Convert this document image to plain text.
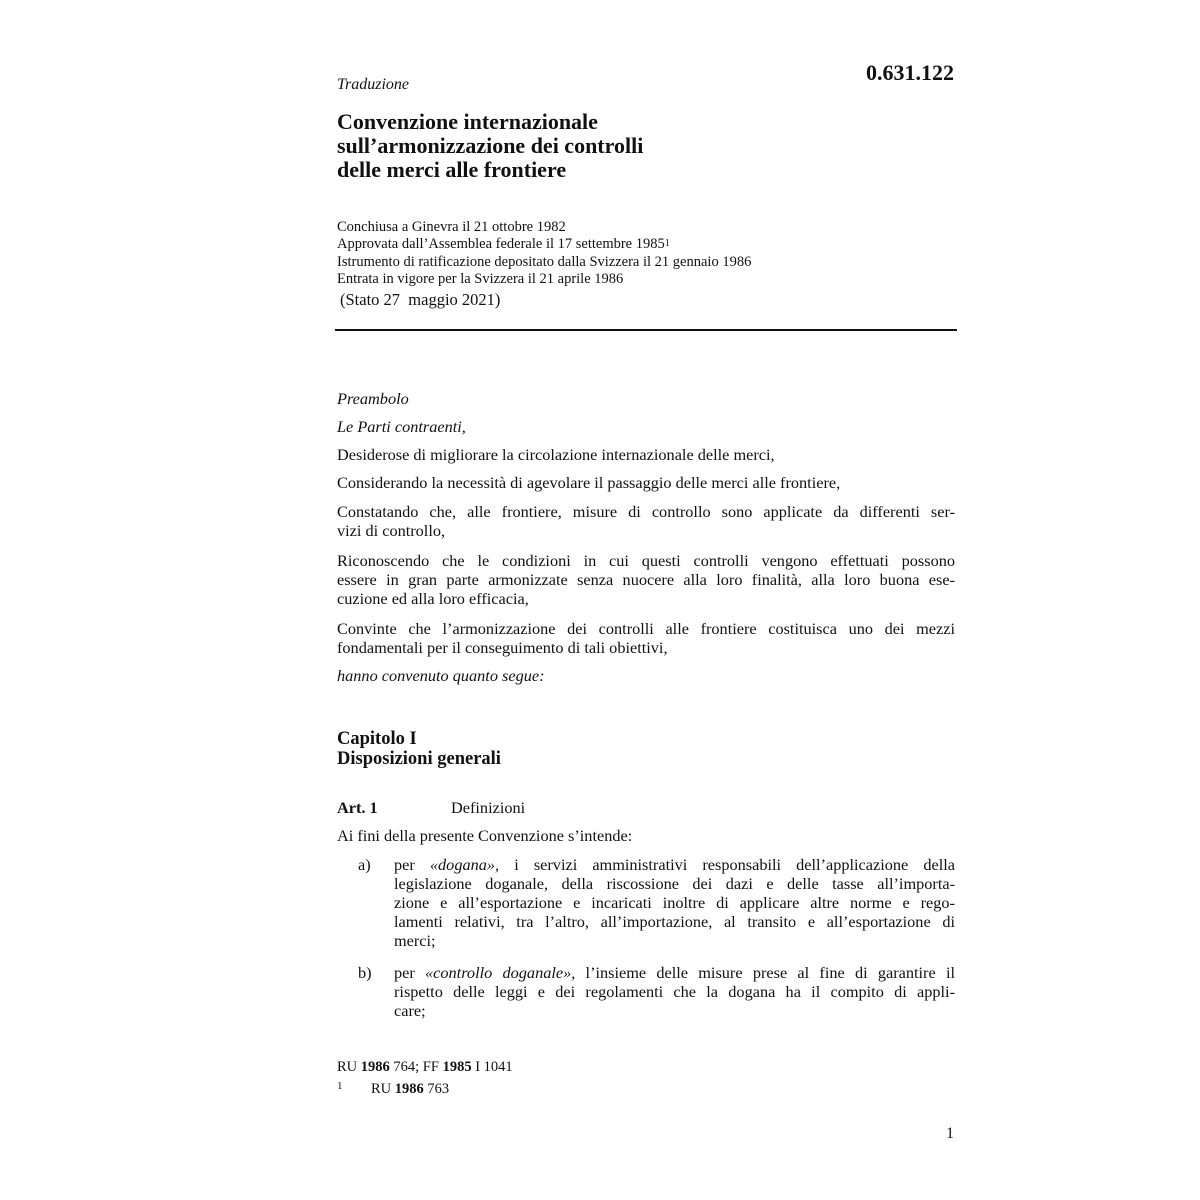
0.631.122
Traduzione
Convenzione internazionale
sull’armonizzazione dei controlli
delle merci alle frontiere
Conchiusa a Ginevra il 21 ottobre 1982
Approvata dall’Assemblea federale il 17 settembre 1985$^1$
Istrumento di ratificazione depositato dalla Svizzera il 21 gennaio 1986
Entrata in vigore per la Svizzera il 21 aprile 1986
(Stato 27  maggio 2021)
Preambolo
Le Parti contraenti,
Desiderose di migliorare la circolazione internazionale delle merci,
Considerando la necessità di agevolare il passaggio delle merci alle frontiere,
Constatando che, alle frontiere, misure di controllo sono applicate da differenti ser-
vizi di controllo,
Riconoscendo che le condizioni in cui questi controlli vengono effettuati possono
essere in gran parte armonizzate senza nuocere alla loro finalità, alla loro buona ese-
cuzione ed alla loro efficacia,
Convinte che l’armonizzazione dei controlli alle frontiere costituisca uno dei mezzi
fondamentali per il conseguimento di tali obiettivi,
hanno convenuto quanto segue:
Capitolo I
Disposizioni generali
Art. 1	Definizioni
Ai fini della presente Convenzione s’intende:
a) per «dogana», i servizi amministrativi responsabili dell’applicazione della
legislazione doganale, della riscossione dei dazi e delle tasse all’importa-
zione e all’esportazione e incaricati inoltre di applicare altre norme e rego-
lamenti relativi, tra l’altro, all’importazione, al transito e all’esportazione di
merci;
b) per «controllo doganale», l’insieme delle misure prese al fine di garantire il
rispetto delle leggi e dei regolamenti che la dogana ha il compito di appli-
care;
RU 1986 764; FF 1985 I 1041
1 RU 1986 763
1
